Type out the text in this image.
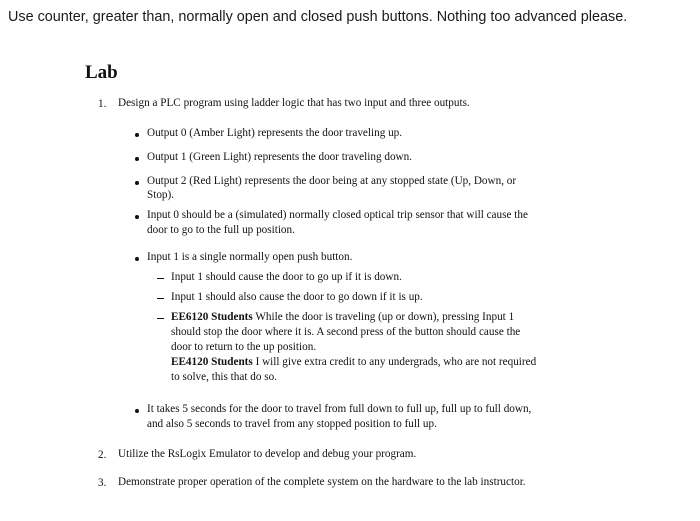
Use counter, greater than, normally open and closed push buttons. Nothing too advanced please.
Lab
1. Design a PLC program using ladder logic that has two input and three outputs.
Output 0 (Amber Light) represents the door traveling up.
Output 1 (Green Light) represents the door traveling down.
Output 2 (Red Light) represents the door being at any stopped state (Up, Down, or
Stop).
Input 0 should be a (simulated) normally closed optical trip sensor that will cause the
door to go to the full up position.
Input 1 is a single normally open push button.
Input 1 should cause the door to go up if it is down.
Input 1 should also cause the door to go down if it is up.
EE6120 Students While the door is traveling (up or down), pressing Input 1
should stop the door where it is. A second press of the button should cause the
door to return to the up position.
EE4120 Students I will give extra credit to any undergrads, who are not required
to solve, this that do so.
It takes 5 seconds for the door to travel from full down to full up, full up to full down,
and also 5 seconds to travel from any stopped position to full up.
2. Utilize the RsLogix Emulator to develop and debug your program.
3. Demonstrate proper operation of the complete system on the hardware to the lab instructor.
